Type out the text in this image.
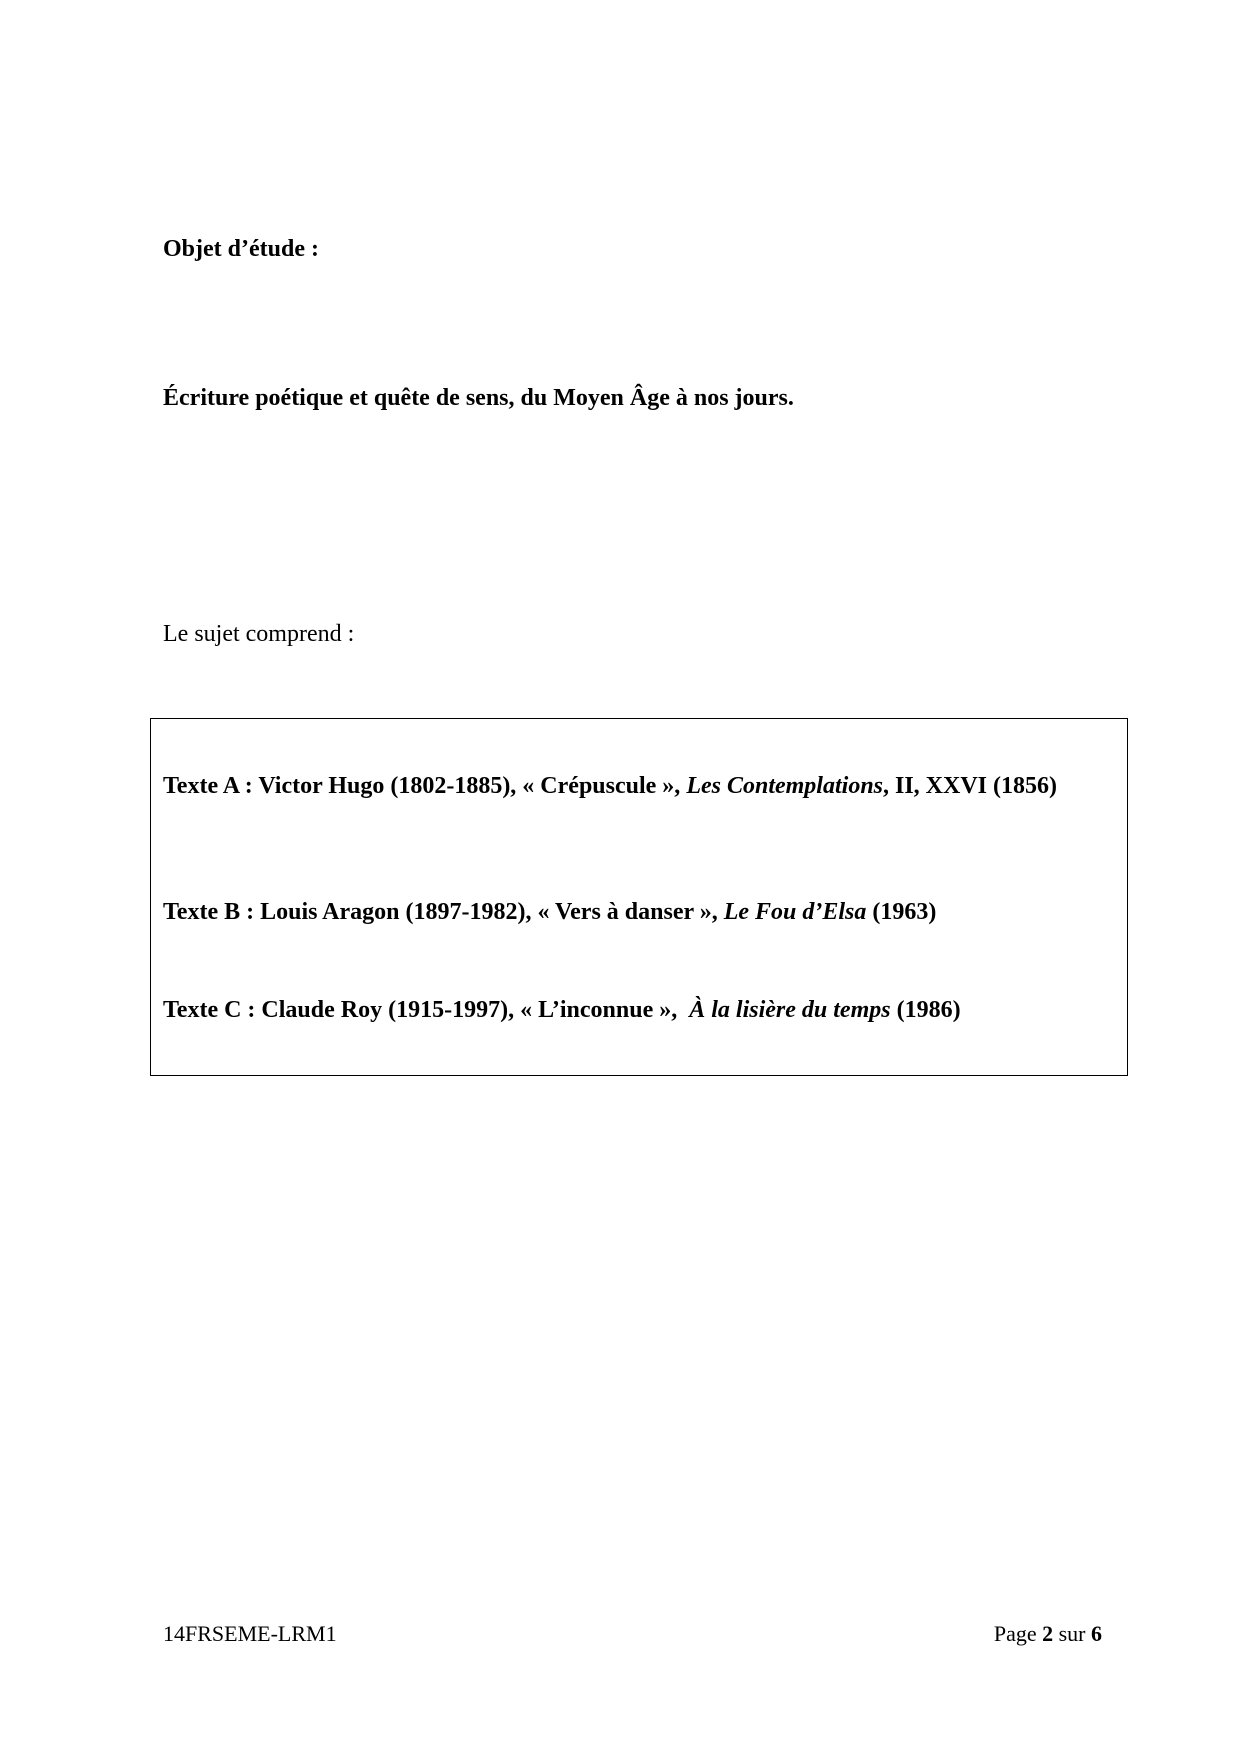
Objet d’étude :
Écriture poétique et quête de sens, du Moyen Âge à nos jours.
Le sujet comprend :
Texte A : Victor Hugo (1802-1885), « Crépuscule », Les Contemplations, II, XXVI (1856)
Texte B : Louis Aragon (1897-1982), « Vers à danser », Le Fou d’Elsa (1963)
Texte C : Claude Roy (1915-1997), « L’inconnue »,  À la lisière du temps (1986)
14FRSEME-LRM1	Page 2 sur 6
